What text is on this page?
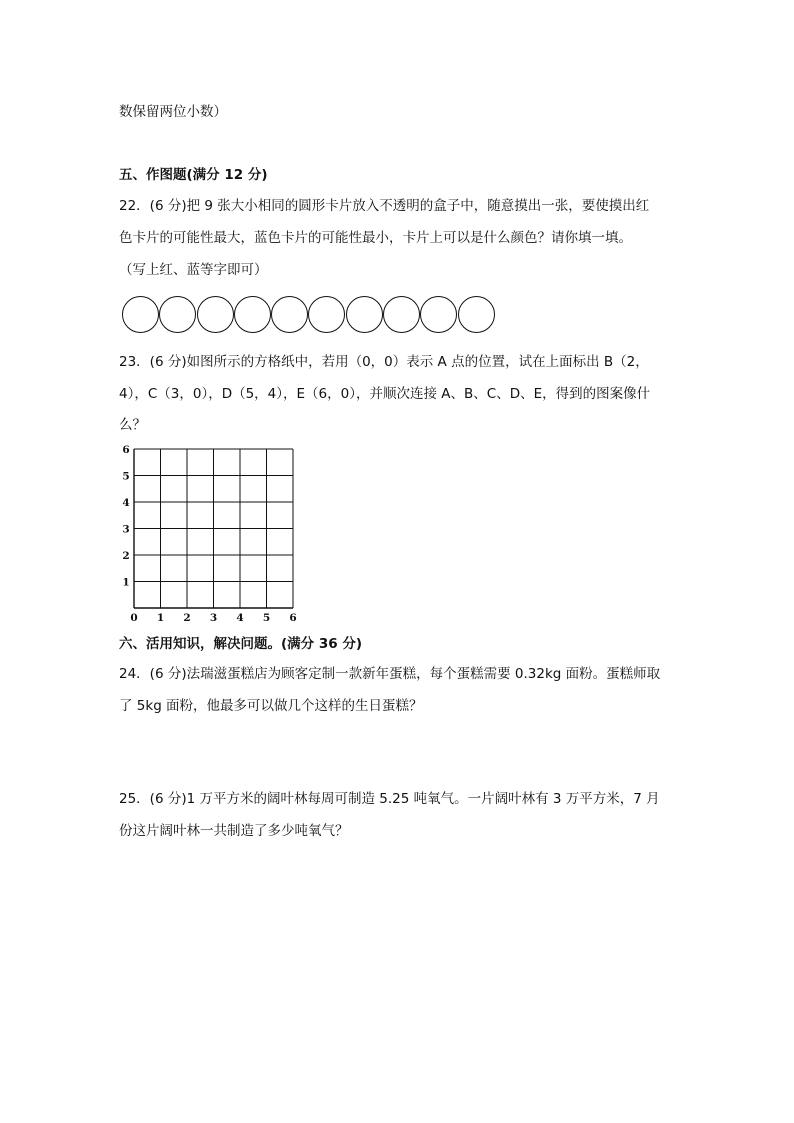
数保留两位小数）
五、作图题(满分 12 分)
22．(6 分)把 9 张大小相同的圆形卡片放入不透明的盒子中，随意摸出一张，要使摸出红
色卡片的可能性最大，蓝色卡片的可能性最小，卡片上可以是什么颜色？请你填一填。
（写上红、蓝等字即可）
23．(6 分)如图所示的方格纸中，若用（0，0）表示 A 点的位置，试在上面标出 B（2，
4），C（3，0），D（5，4），E（6，0），并顺次连接 A、B、C、D、E，得到的图案像什
么？
0 1 2 3 4 5 6
1
2
3
4
5
6
六、活用知识，解决问题。(满分 36 分)
24．(6 分)法瑞滋蛋糕店为顾客定制一款新年蛋糕，每个蛋糕需要 0.32kg 面粉。蛋糕师取
了 5kg 面粉，他最多可以做几个这样的生日蛋糕？
25．(6 分)1 万平方米的阔叶林每周可制造 5.25 吨氧气。一片阔叶林有 3 万平方米，7 月
份这片阔叶林一共制造了多少吨氧气？
